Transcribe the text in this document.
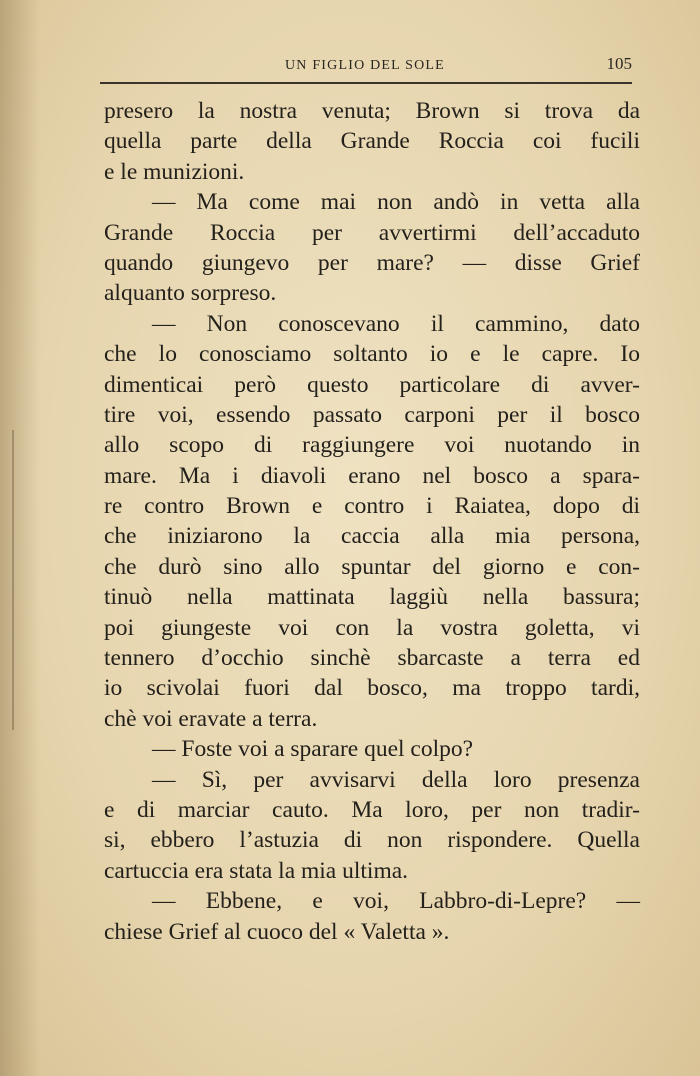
UN FIGLIO DEL SOLE	105
presero la nostra venuta; Brown si trova da
quella parte della Grande Roccia coi fucili
e le munizioni.
— Ma come mai non andò in vetta alla
Grande Roccia per avvertirmi dell’accaduto
quando giungevo per mare? — disse Grief
alquanto sorpreso.
— Non conoscevano il cammino, dato
che lo conosciamo soltanto io e le capre. Io
dimenticai però questo particolare di avver-
tire voi, essendo passato carponi per il bosco
allo scopo di raggiungere voi nuotando in
mare. Ma i diavoli erano nel bosco a spara-
re contro Brown e contro i Raiatea, dopo di
che iniziarono la caccia alla mia persona,
che durò sino allo spuntar del giorno e con-
tinuò nella mattinata laggiù nella bassura;
poi giungeste voi con la vostra goletta, vi
tennero d’occhio sinchè sbarcaste a terra ed
io scivolai fuori dal bosco, ma troppo tardi,
chè voi eravate a terra.
— Foste voi a sparare quel colpo?
— Sì, per avvisarvi della loro presenza
e di marciar cauto. Ma loro, per non tradir-
si, ebbero l’astuzia di non rispondere. Quella
cartuccia era stata la mia ultima.
— Ebbene, e voi, Labbro-di-Lepre? —
chiese Grief al cuoco del « Valetta ».
